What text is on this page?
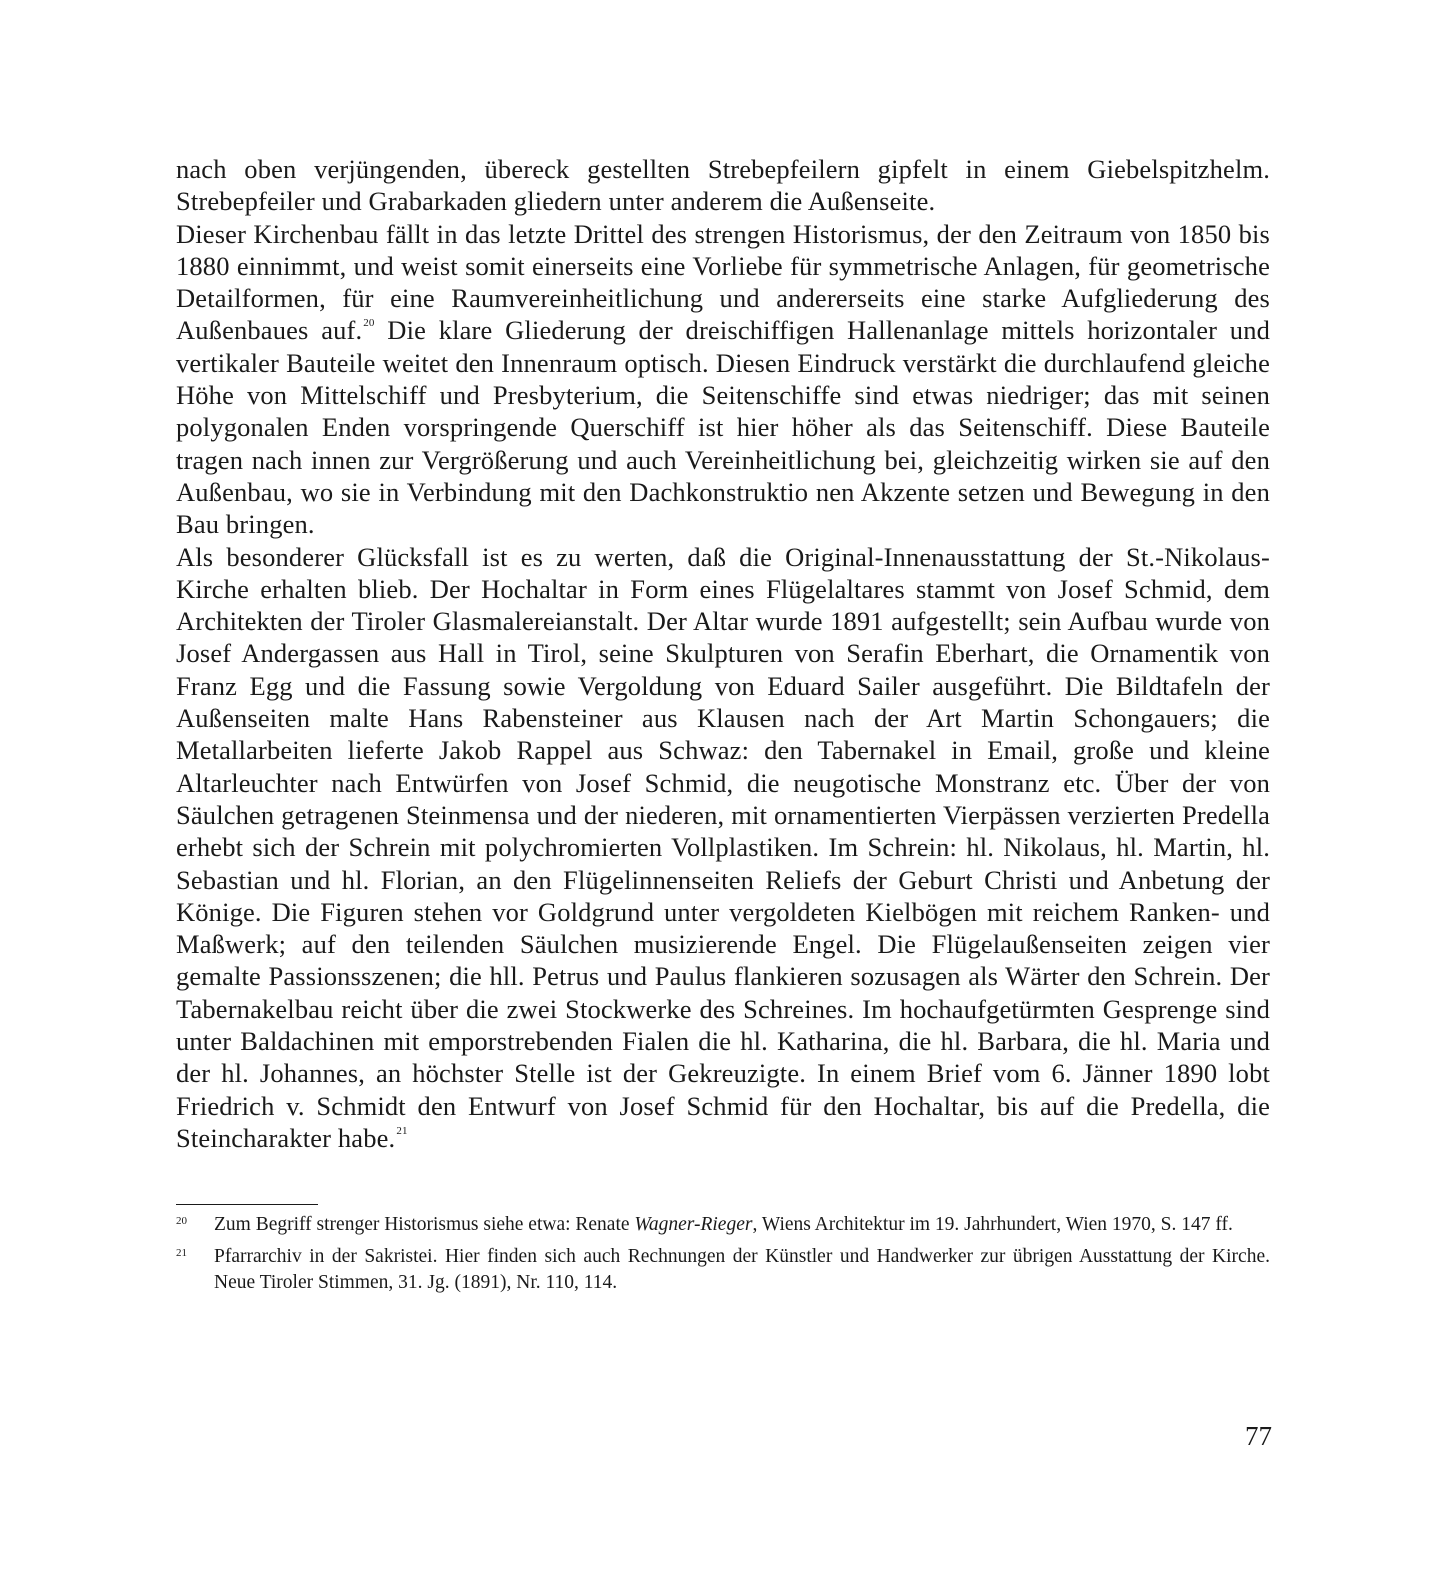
nach oben verjüngenden, übereck gestellten Strebepfeilern gipfelt in einem Giebelspitzhelm. Strebepfeiler und Grabarkaden gliedern unter anderem die Außenseite.

Dieser Kirchenbau fällt in das letzte Drittel des strengen Historismus, der den Zeitraum von 1850 bis 1880 einnimmt, und weist somit einerseits eine Vorliebe für symmetrische Anlagen, für geometrische Detailformen, für eine Raumvereinheitlichung und andererseits eine starke Aufgliederung des Außenbaues auf.$^{20}$ Die klare Gliederung der dreischiffigen Hallenanlage mittels horizontaler und vertikaler Bauteile weitet den Innenraum optisch. Diesen Eindruck verstärkt die durchlaufend gleiche Höhe von Mittelschiff und Presbyterium, die Seitenschiffe sind etwas niedriger; das mit seinen polygonalen Enden vorspringende Querschiff ist hier höher als das Seitenschiff. Diese Bauteile tragen nach innen zur Vergrößerung und auch Vereinheitlichung bei, gleichzeitig wirken sie auf den Außenbau, wo sie in Verbindung mit den Dachkonstruktio nen Akzente setzen und Bewegung in den Bau bringen.

Als besonderer Glücksfall ist es zu werten, daß die Original-Innenausstattung der St.-Nikolaus-Kirche erhalten blieb. Der Hochaltar in Form eines Flügelaltares stammt von Josef Schmid, dem Architekten der Tiroler Glasmalereianstalt. Der Altar wurde 1891 aufgestellt; sein Aufbau wurde von Josef Andergassen aus Hall in Tirol, seine Skulpturen von Serafin Eberhart, die Ornamentik von Franz Egg und die Fassung sowie Vergoldung von Eduard Sailer ausgeführt. Die Bildtafeln der Außenseiten malte Hans Rabensteiner aus Klausen nach der Art Martin Schongauers; die Metallarbeiten lieferte Jakob Rappel aus Schwaz: den Tabernakel in Email, große und kleine Altarleuchter nach Entwürfen von Josef Schmid, die neugotische Monstranz etc. Über der von Säulchen getragenen Steinmensa und der niederen, mit ornamentierten Vierpässen verzierten Predella erhebt sich der Schrein mit polychromierten Vollplastiken. Im Schrein: hl. Nikolaus, hl. Martin, hl. Sebastian und hl. Florian, an den Flügelinnenseiten Reliefs der Geburt Christi und Anbetung der Könige. Die Figuren stehen vor Goldgrund unter vergoldeten Kielbögen mit reichem Ranken- und Maßwerk; auf den teilenden Säulchen musizierende Engel. Die Flügelaußenseiten zeigen vier gemalte Passionsszenen; die hll. Petrus und Paulus flankieren sozusagen als Wärter den Schrein. Der Tabernakelbau reicht über die zwei Stockwerke des Schreines. Im hochaufgetürmten Gesprenge sind unter Baldachinen mit emporstrebenden Fialen die hl. Katharina, die hl. Barbara, die hl. Maria und der hl. Johannes, an höchster Stelle ist der Gekreuzigte. In einem Brief vom 6. Jänner 1890 lobt Friedrich v. Schmidt den Entwurf von Josef Schmid für den Hochaltar, bis auf die Predella, die Steincharakter habe.$^{21}$

20	Zum Begriff strenger Historismus siehe etwa: Renate Wagner-Rieger, Wiens Architektur im 19. Jahrhundert, Wien 1970, S. 147 ff.
21	Pfarrarchiv in der Sakristei. Hier finden sich auch Rechnungen der Künstler und Handwerker zur übrigen Ausstattung der Kirche. Neue Tiroler Stimmen, 31. Jg. (1891), Nr. 110, 114.
77
